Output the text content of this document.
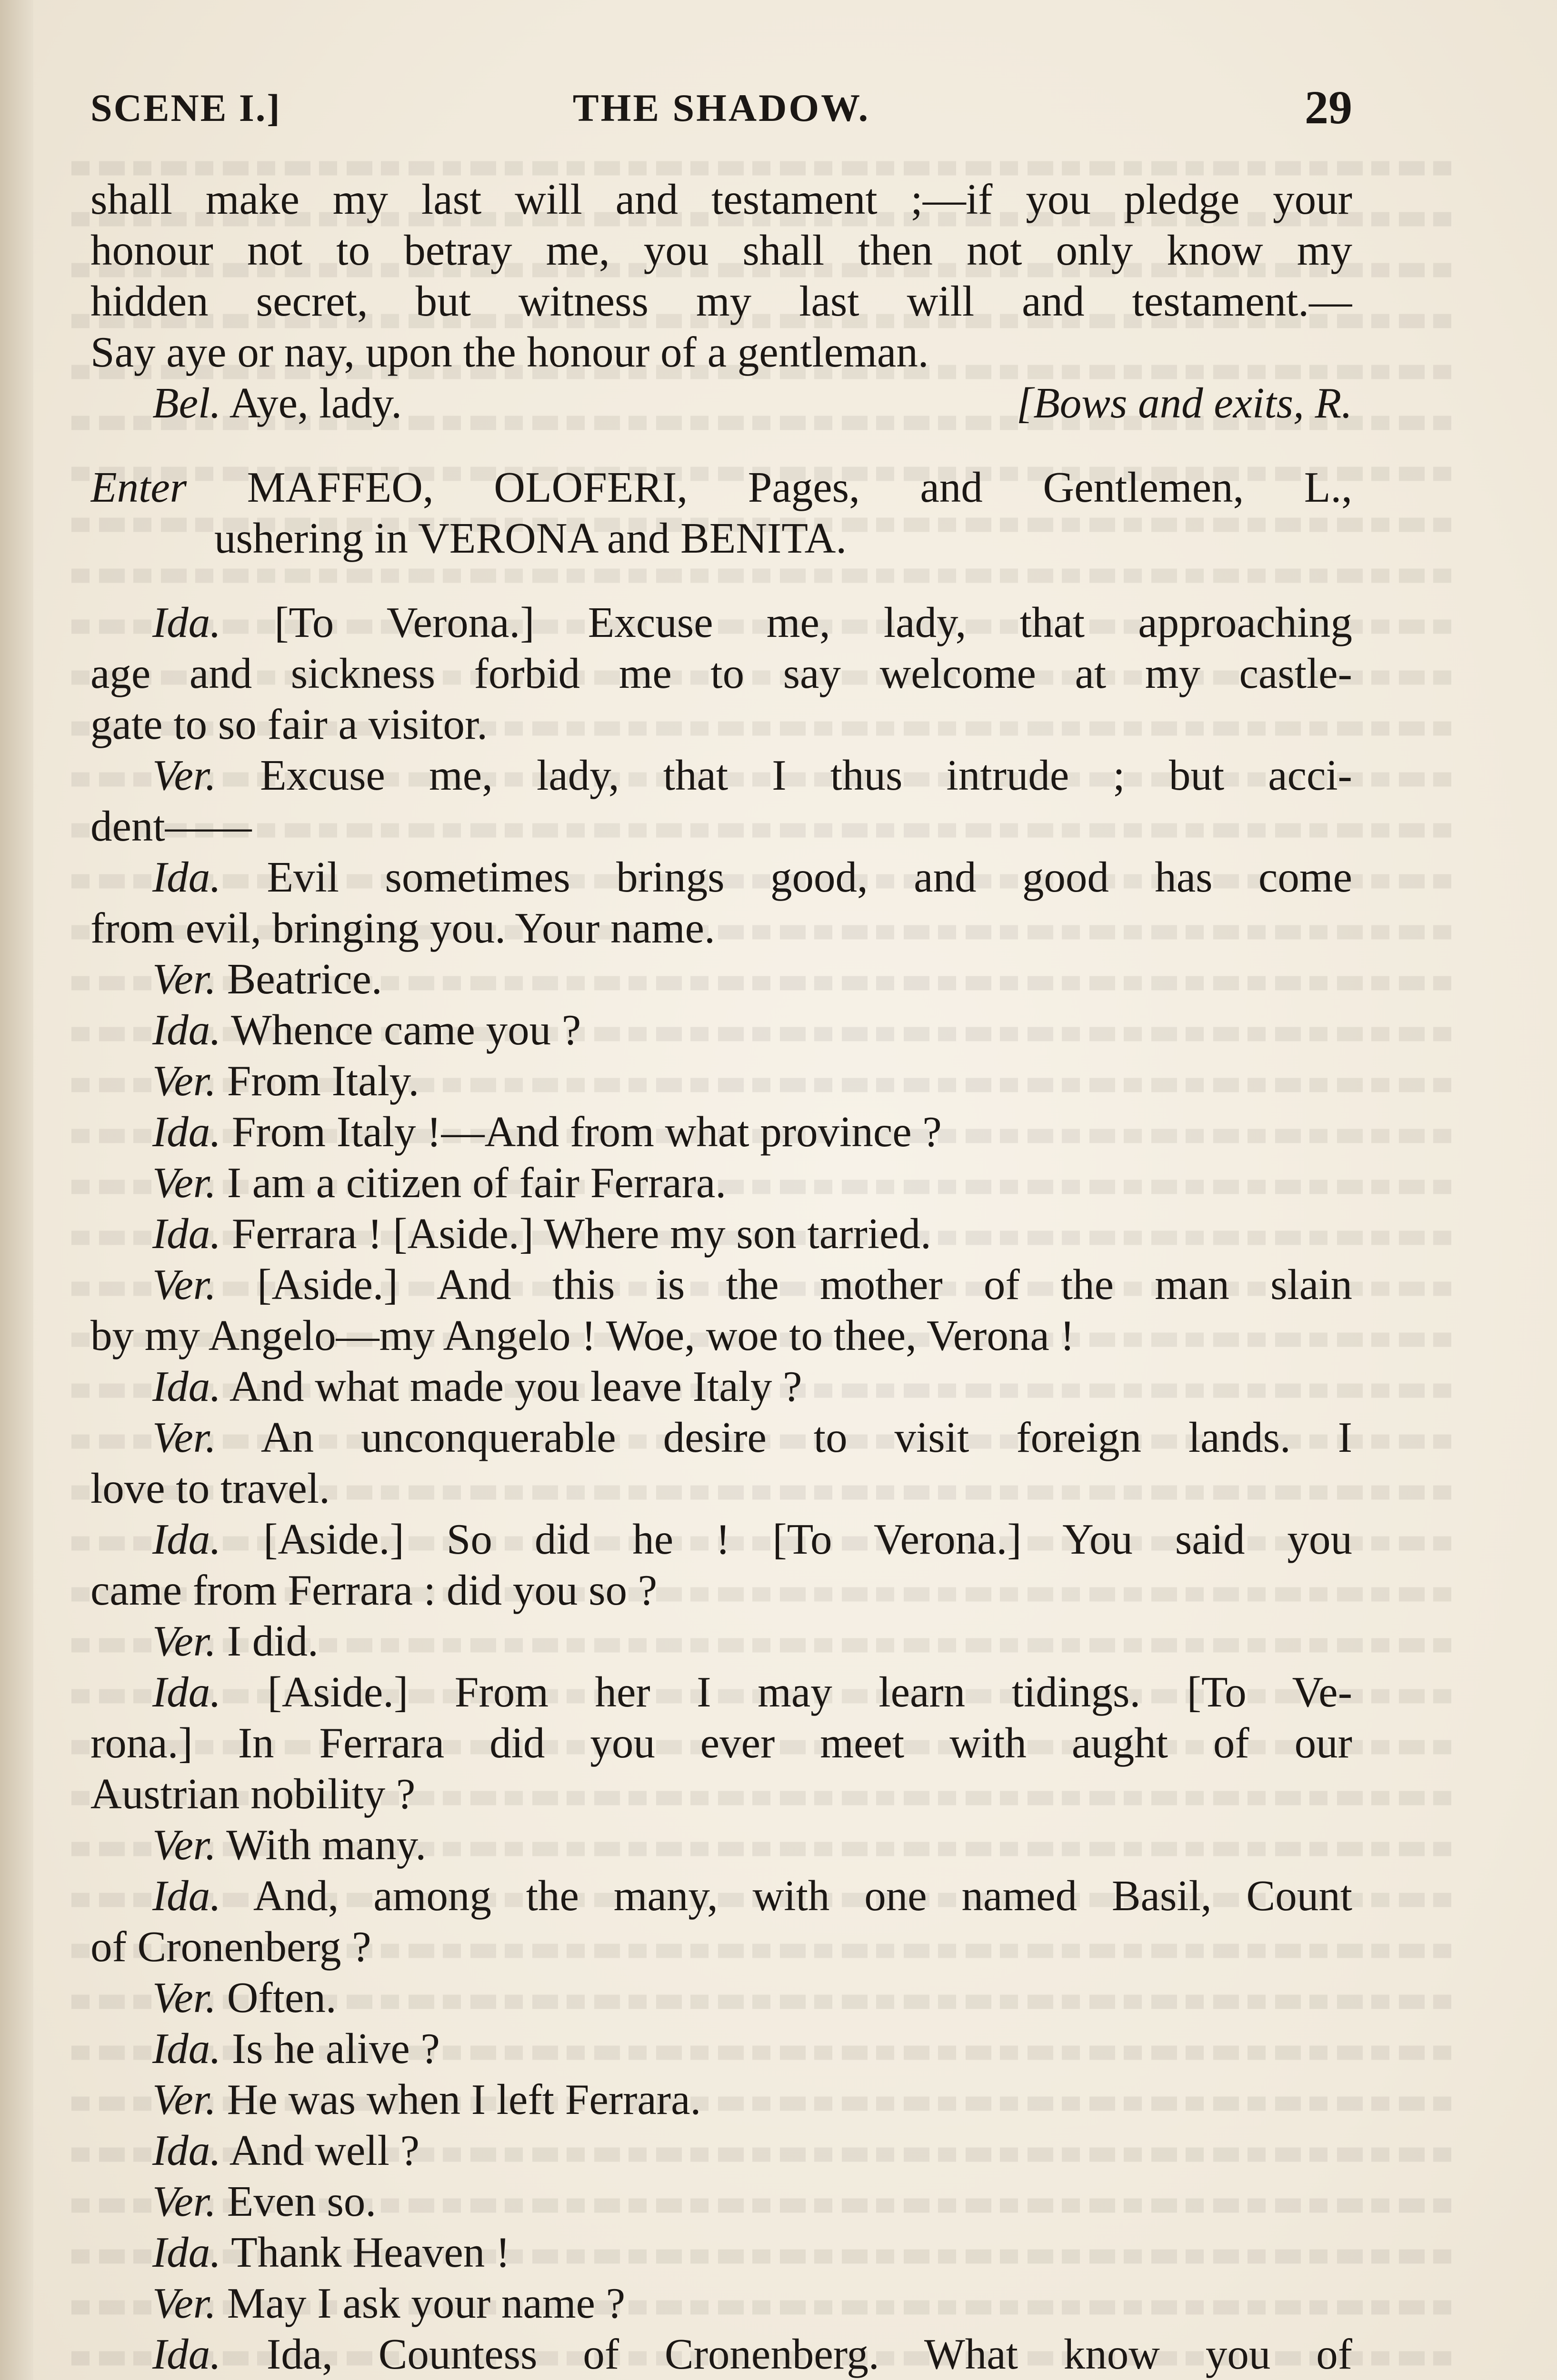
SCENE I.]	THE SHADOW.	29
shall make my last will and testament ;—if you pledge your
honour not to betray me, you shall then not only know my
hidden secret, but witness my last will and testament.—
Say aye or nay, upon the honour of a gentleman.
Bel. Aye, lady.	[Bows and exits, R.
Enter MAFFEO, OLOFERI, Pages, and Gentlemen, L.,
ushering in VERONA and BENITA.
Ida. [To Verona.] Excuse me, lady, that approaching
age and sickness forbid me to say welcome at my castle-
gate to so fair a visitor.
Ver. Excuse me, lady, that I thus intrude ; but acci-
dent——
Ida. Evil sometimes brings good, and good has come
from evil, bringing you. Your name.
Ver. Beatrice.
Ida. Whence came you ?
Ver. From Italy.
Ida. From Italy !—And from what province ?
Ver. I am a citizen of fair Ferrara.
Ida. Ferrara ! [Aside.] Where my son tarried.
Ver. [Aside.] And this is the mother of the man slain
by my Angelo—my Angelo ! Woe, woe to thee, Verona !
Ida. And what made you leave Italy ?
Ver. An unconquerable desire to visit foreign lands. I
love to travel.
Ida. [Aside.] So did he ! [To Verona.] You said you
came from Ferrara : did you so ?
Ver. I did.
Ida. [Aside.] From her I may learn tidings. [To Ve-
rona.] In Ferrara did you ever meet with aught of our
Austrian nobility ?
Ver. With many.
Ida. And, among the many, with one named Basil, Count
of Cronenberg ?
Ver. Often.
Ida. Is he alive ?
Ver. He was when I left Ferrara.
Ida. And well ?
Ver. Even so.
Ida. Thank Heaven !
Ver. May I ask your name ?
Ida. Ida, Countess of Cronenberg. What know you of
